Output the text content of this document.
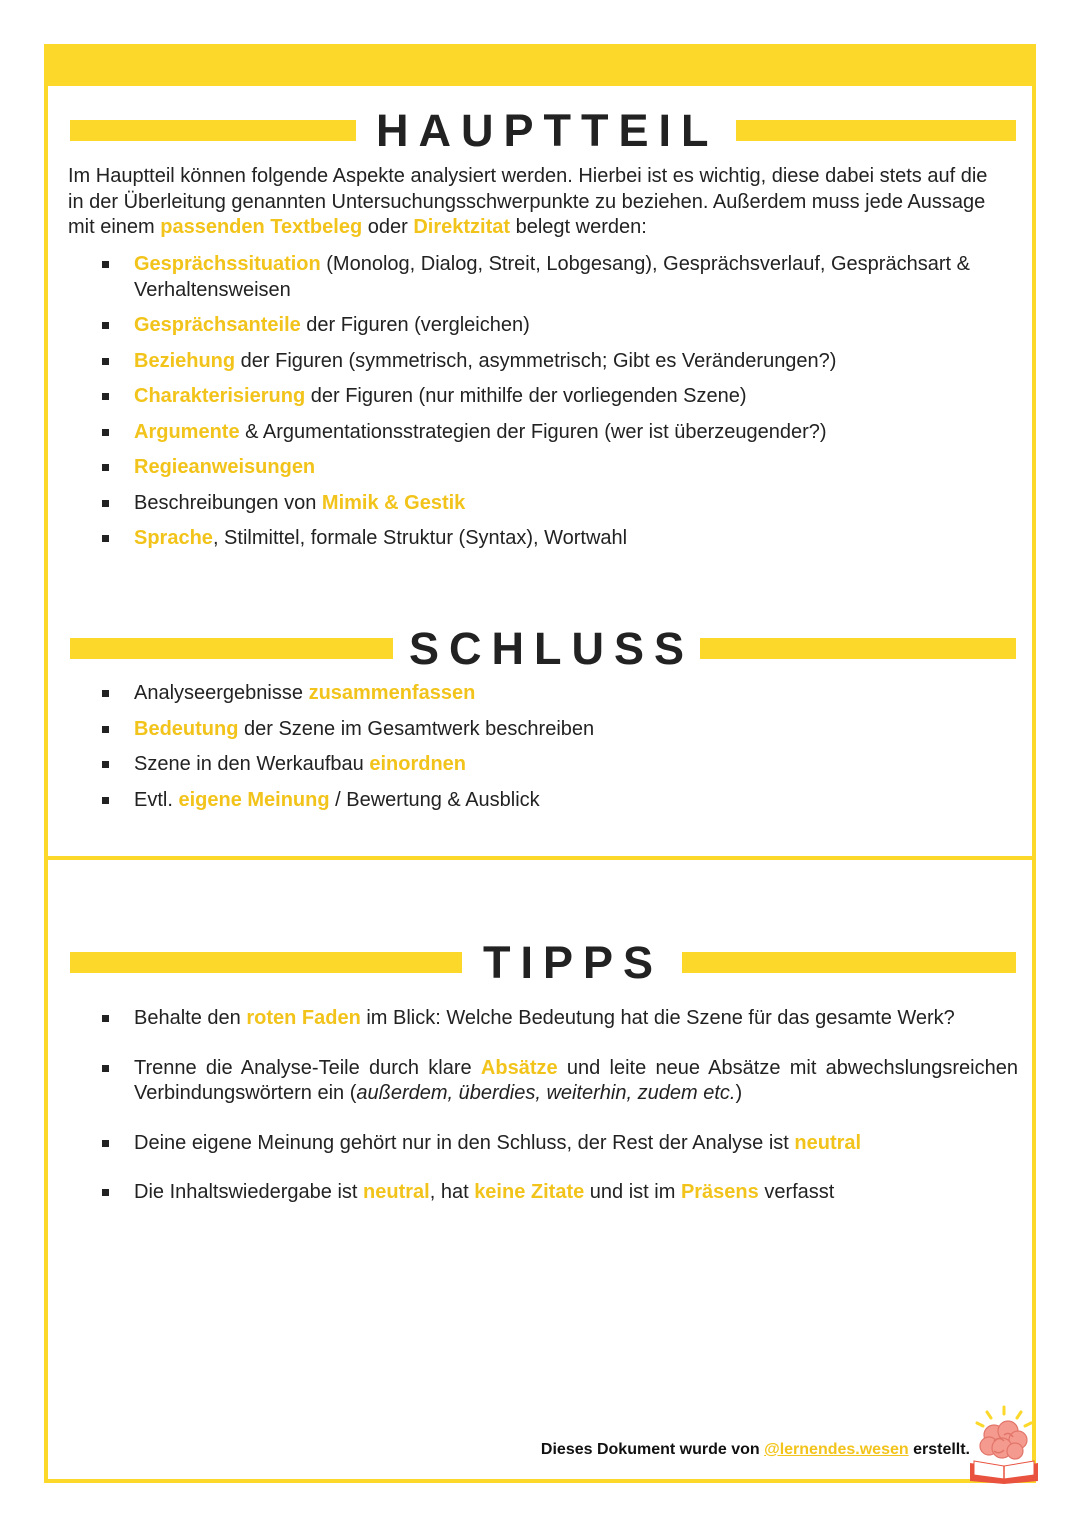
HAUPTTEIL

Im Hauptteil können folgende Aspekte analysiert werden. Hierbei ist es wichtig, diese dabei stets auf die in der Überleitung genannten Untersuchungsschwerpunkte zu beziehen. Außerdem muss jede Aussage mit einem passenden Textbeleg oder Direktzitat belegt werden:

Gesprächssituation (Monolog, Dialog, Streit, Lobgesang), Gesprächsverlauf, Gesprächsart & Verhaltensweisen
Gesprächsanteile der Figuren (vergleichen)
Beziehung der Figuren (symmetrisch, asymmetrisch; Gibt es Veränderungen?)
Charakterisierung der Figuren (nur mithilfe der vorliegenden Szene)
Argumente & Argumentationsstrategien der Figuren (wer ist überzeugender?)
Regieanweisungen
Beschreibungen von Mimik & Gestik
Sprache, Stilmittel, formale Struktur (Syntax), Wortwahl
SCHLUSS
Analyseergebnisse zusammenfassen
Bedeutung der Szene im Gesamtwerk beschreiben
Szene in den Werkaufbau einordnen
Evtl. eigene Meinung / Bewertung & Ausblick
TIPPS
Behalte den roten Faden im Blick: Welche Bedeutung hat die Szene für das gesamte Werk?
Trenne die Analyse-Teile durch klare Absätze und leite neue Absätze mit abwechslungsreichen Verbindungswörtern ein (außerdem, überdies, weiterhin, zudem etc.)
Deine eigene Meinung gehört nur in den Schluss, der Rest der Analyse ist neutral
Die Inhaltswiedergabe ist neutral, hat keine Zitate und ist im Präsens verfasst
Dieses Dokument wurde von @lernendes.wesen erstellt.
